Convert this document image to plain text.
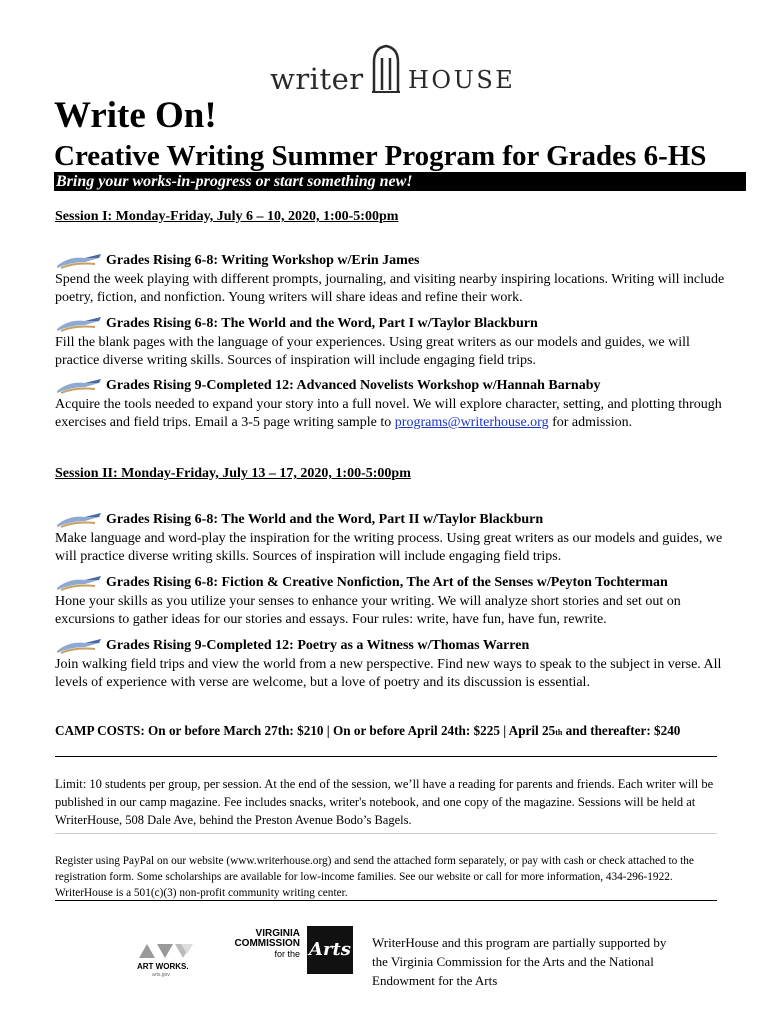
writer HOUSE
Write On!
Creative Writing Summer Program for Grades 6-HS
Bring your works-in-progress or start something new!
Session I: Monday-Friday, July 6 – 10, 2020, 1:00-5:00pm
Grades Rising 6-8: Writing Workshop w/Erin James
Spend the week playing with different prompts, journaling, and visiting nearby inspiring locations. Writing will include poetry, fiction, and nonfiction. Young writers will share ideas and refine their work.
Grades Rising 6-8: The World and the Word, Part I w/Taylor Blackburn
Fill the blank pages with the language of your experiences. Using great writers as our models and guides, we will practice diverse writing skills. Sources of inspiration will include engaging field trips.
Grades Rising 9-Completed 12: Advanced Novelists Workshop w/Hannah Barnaby
Acquire the tools needed to expand your story into a full novel. We will explore character, setting, and plotting through exercises and field trips. Email a 3-5 page writing sample to programs@writerhouse.org for admission.
Session II: Monday-Friday, July 13 – 17, 2020, 1:00-5:00pm
Grades Rising 6-8: The World and the Word, Part II w/Taylor Blackburn
Make language and word-play the inspiration for the writing process. Using great writers as our models and guides, we will practice diverse writing skills. Sources of inspiration will include engaging field trips.
Grades Rising 6-8: Fiction & Creative Nonfiction, The Art of the Senses w/Peyton Tochterman
Hone your skills as you utilize your senses to enhance your writing. We will analyze short stories and set out on excursions to gather ideas for our stories and essays. Four rules: write, have fun, have fun, rewrite.
Grades Rising 9-Completed 12: Poetry as a Witness w/Thomas Warren
Join walking field trips and view the world from a new perspective. Find new ways to speak to the subject in verse. All levels of experience with verse are welcome, but a love of poetry and its discussion is essential.
CAMP COSTS: On or before March 27th: $210 | On or before April 24th: $225 | April 25th and thereafter: $240
Limit: 10 students per group, per session. At the end of the session, we’ll have a reading for parents and friends. Each writer will be published in our camp magazine. Fee includes snacks, writer's notebook, and one copy of the magazine. Sessions will be held at WriterHouse, 508 Dale Ave, behind the Preston Avenue Bodo’s Bagels.
Register using PayPal on our website (www.writerhouse.org) and send the attached form separately, or pay with cash or check attached to the registration form. Some scholarships are available for low-income families. See our website or call for more information, 434-296-1922. WriterHouse is a 501(c)(3) non-profit community writing center.
ART WORKS.
arts.gov
VIRGINIA
COMMISSION
for the Arts WriterHouse and this program are partially supported by the Virginia Commission for the Arts and the National Endowment for the Arts
